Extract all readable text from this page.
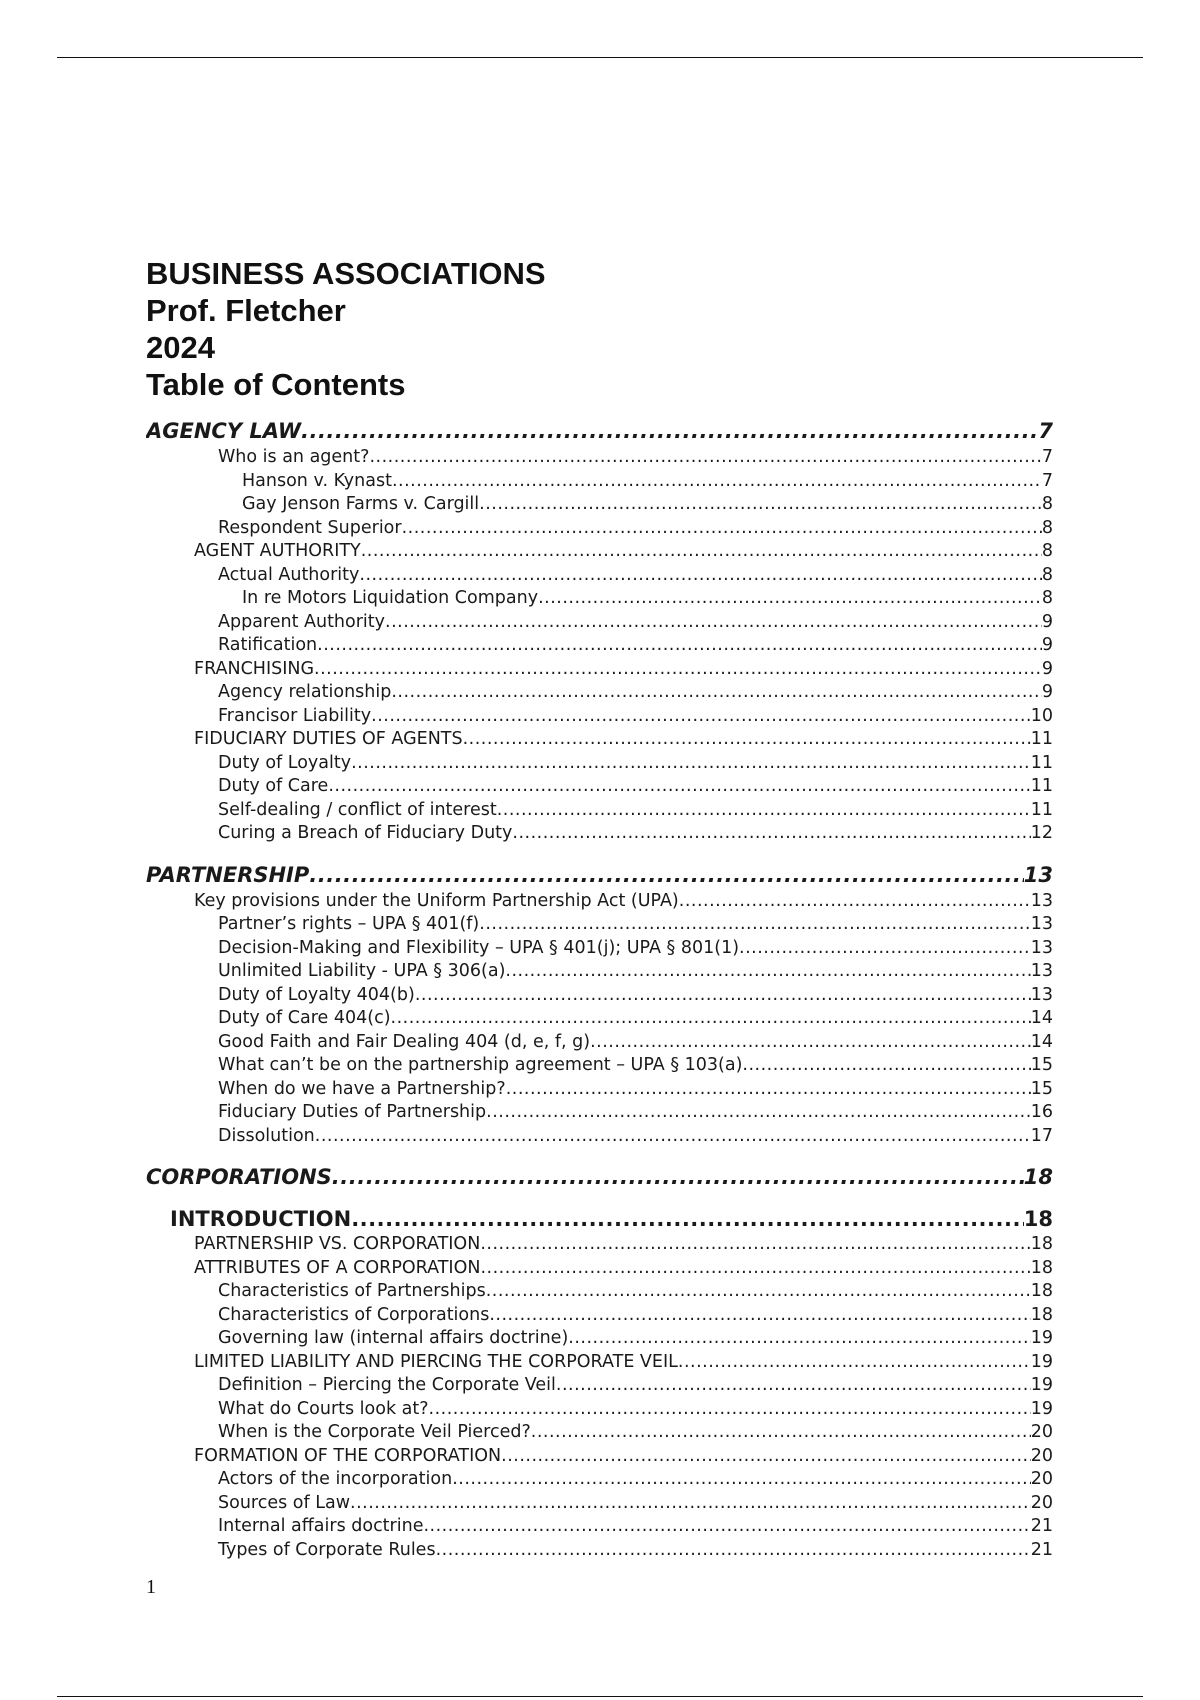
BUSINESS ASSOCIATIONS
Prof. Fletcher
2024
Table of Contents
AGENCY LAW .....	7
Who is an agent? .....	7
Hanson v. Kynast .....	7
Gay Jenson Farms v. Cargill .....	8
Respondent Superior .....	8
AGENT AUTHORITY .....	8
Actual Authority .....	8
In re Motors Liquidation Company .....	8
Apparent Authority .....	9
Ratification .....	9
FRANCHISING .....	9
Agency relationship .....	9
Francisor Liability .....	10
FIDUCIARY DUTIES OF AGENTS .....	11
Duty of Loyalty .....	11
Duty of Care .....	11
Self-dealing / conflict of interest .....	11
Curing a Breach of Fiduciary Duty .....	12
PARTNERSHIP .....	13
Key provisions under the Uniform Partnership Act (UPA) .....	13
Partner’s rights – UPA § 401(f) .....	13
Decision-Making and Flexibility – UPA § 401(j); UPA § 801(1) .....	13
Unlimited Liability - UPA § 306(a) .....	13
Duty of Loyalty 404(b) .....	13
Duty of Care 404(c) .....	14
Good Faith and Fair Dealing 404 (d, e, f, g) .....	14
What can’t be on the partnership agreement – UPA § 103(a) .....	15
When do we have a Partnership? .....	15
Fiduciary Duties of Partnership .....	16
Dissolution .....	17
CORPORATIONS .....	18
INTRODUCTION .....	18
PARTNERSHIP VS. CORPORATION .....	18
ATTRIBUTES OF A CORPORATION .....	18
Characteristics of Partnerships .....	18
Characteristics of Corporations .....	18
Governing law (internal affairs doctrine) .....	19
LIMITED LIABILITY AND PIERCING THE CORPORATE VEIL .....	19
Definition – Piercing the Corporate Veil .....	19
What do Courts look at? .....	19
When is the Corporate Veil Pierced? .....	20
FORMATION OF THE CORPORATION .....	20
Actors of the incorporation .....	20
Sources of Law .....	20
Internal affairs doctrine .....	21
Types of Corporate Rules .....	21
1
